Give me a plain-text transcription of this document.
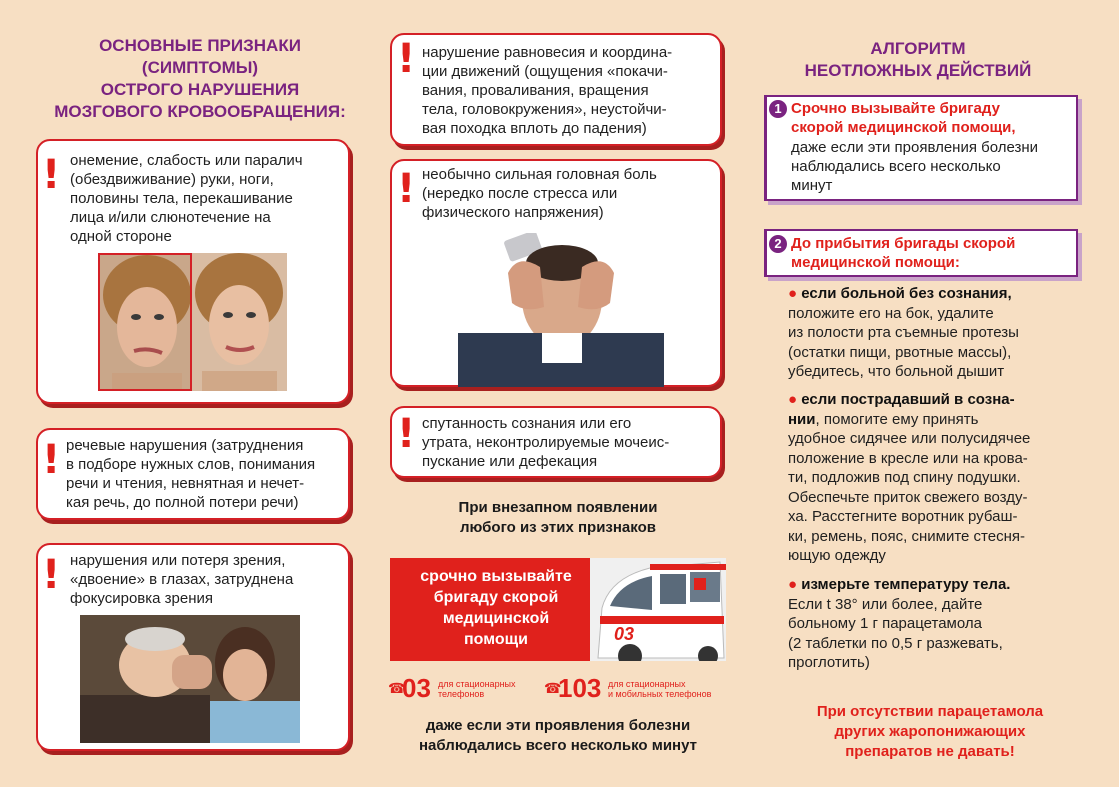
ОСНОВНЫЕ ПРИЗНАКИ
(СИМПТОМЫ)
ОСТРОГО НАРУШЕНИЯ
МОЗГОВОГО КРОВООБРАЩЕНИЯ:
! онемение, слабость или паралич
(обездвиживание) руки, ноги,
половины тела, перекашивание
лица и/или слюнотечение на
одной стороне
! речевые нарушения (затруднения
в подборе нужных слов, понимания
речи и чтения, невнятная и нечет-
кая речь, до полной потери речи)
! нарушения или потеря зрения,
«двоение» в глазах, затруднена
фокусировка зрения
! нарушение равновесия и координа-
ции движений (ощущения «покачи-
вания, проваливания, вращения
тела, головокружения», неустойчи-
вая походка вплоть до падения)
! необычно сильная головная боль
(нередко после стресса или
физического напряжения)
! спутанность сознания или его
утрата, неконтролируемые мочеис-
пускание или дефекация
При внезапном появлении
любого из этих признаков
срочно вызывайте
бригаду скорой
медицинской
помощи	03
☎
03 для стационарных
телефонов	☎
103 для стационарных
и мобильных телефонов
даже если эти проявления болезни
наблюдались всего несколько минут
АЛГОРИТМ
НЕОТЛОЖНЫХ ДЕЙСТВИЙ
1 Срочно вызывайте бригаду
скорой медицинской помощи,
даже если эти проявления болезни
наблюдались всего несколько
минут
2 До прибытия бригады скорой
медицинской помощи:
● если больной без сознания,
положите его на бок, удалите
из полости рта съемные протезы
(остатки пищи, рвотные массы),
убедитесь, что больной дышит
● если пострадавший в созна-
нии, помогите ему принять
удобное сидячее или полусидячее
положение в кресле или на крова-
ти, подложив под спину подушки.
Обеспечьте приток свежего возду-
ха. Расстегните воротник рубаш-
ки, ремень, пояс, снимите стесня-
ющую одежду
● измерьте температуру тела.
Если t 38° или более, дайте
больному 1 г парацетамола
(2 таблетки по 0,5 г разжевать,
проглотить)
При отсутствии парацетамола
других жаропонижающих
препаратов не давать!
